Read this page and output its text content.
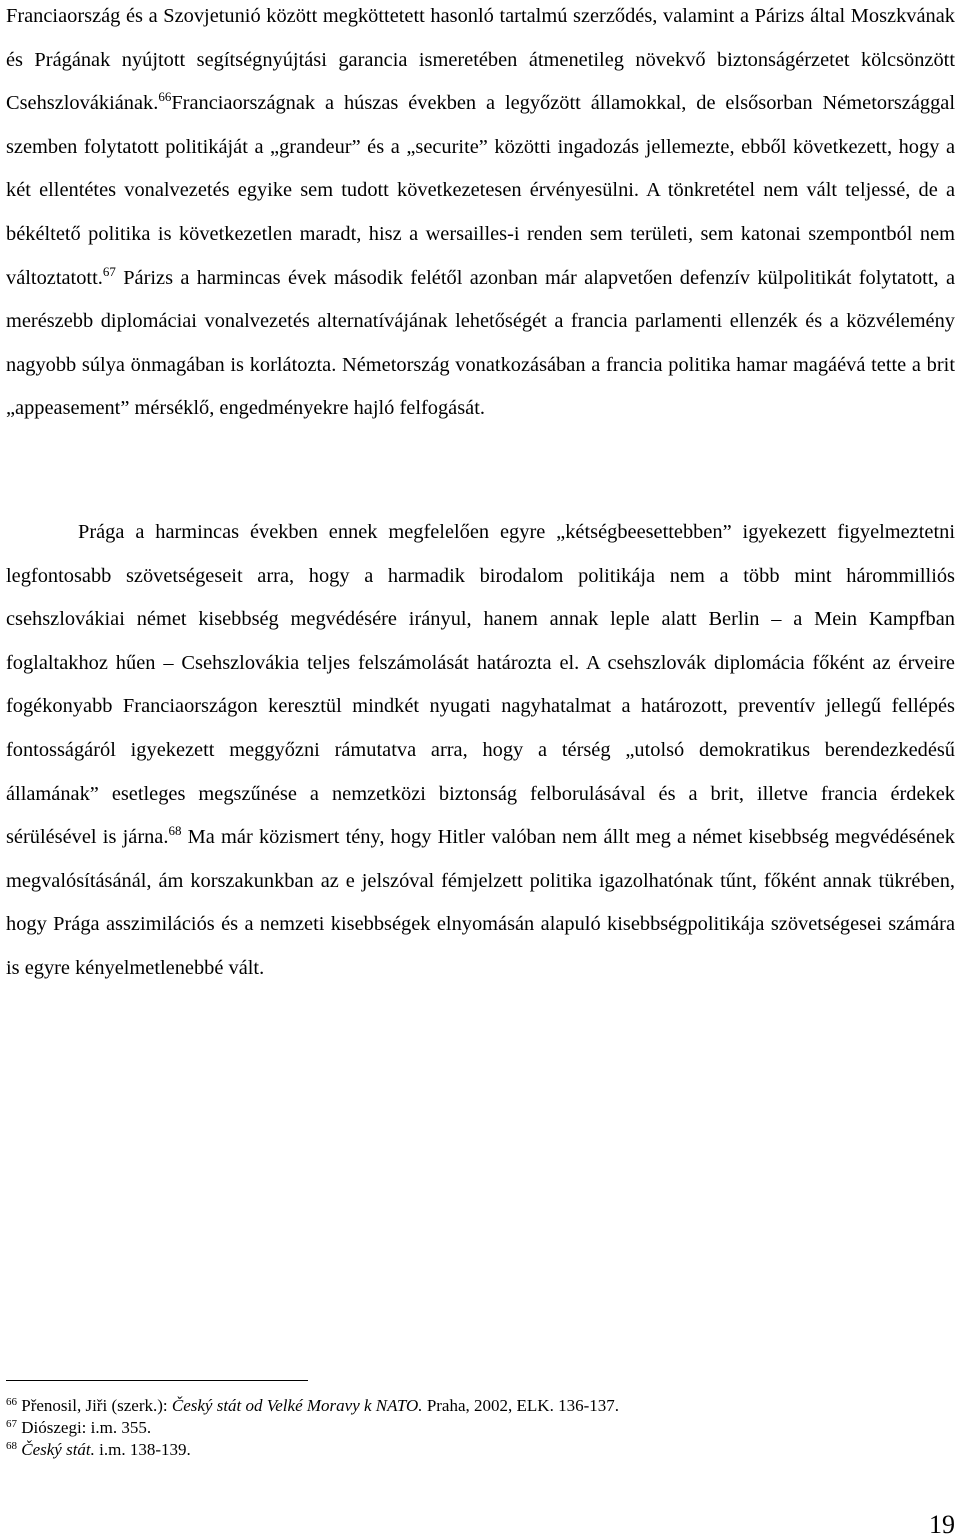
Franciaország és a Szovjetunió között megköttetett hasonló tartalmú szerződés, valamint a Párizs által Moszkvának és Prágának nyújtott segítségnyújtási garancia ismeretében átmenetileg növekvő biztonságérzetet kölcsönzött Csehszlovákiának.$^{66}$Franciaországnak a húszas években a legyőzött államokkal, de elsősorban Németországgal szemben folytatott politikáját a „grandeur” és a „securite” közötti ingadozás jellemezte, ebből következett, hogy a két ellentétes vonalvezetés egyike sem tudott következetesen érvényesülni. A tönkretétel nem vált teljessé, de a békéltető politika is következetlen maradt, hisz a wersailles-i renden sem területi, sem katonai szempontból nem változtatott.$^{67}$ Párizs a harmincas évek második felétől azonban már alapvetően defenzív külpolitikát folytatott, a merészebb diplomáciai vonalvezetés alternatívájának lehetőségét a francia parlamenti ellenzék és a közvélemény nagyobb súlya önmagában is korlátozta. Németország vonatkozásában a francia politika hamar magáévá tette a brit „appeasement” mérséklő, engedményekre hajló felfogását.

Prága a harmincas években ennek megfelelően egyre „kétségbeesettebben” igyekezett figyelmeztetni legfontosabb szövetségeseit arra, hogy a harmadik birodalom politikája nem a több mint hárommilliós csehszlovákiai német kisebbség megvédésére irányul, hanem annak leple alatt Berlin – a Mein Kampfban foglaltakhoz hűen – Csehszlovákia teljes felszámolását határozta el. A csehszlovák diplomácia főként az érveire fogékonyabb Franciaországon keresztül mindkét nyugati nagyhatalmat a határozott, preventív jellegű fellépés fontosságáról igyekezett meggyőzni rámutatva arra, hogy a térség „utolsó demokratikus berendezkedésű államának” esetleges megszűnése a nemzetközi biztonság felborulásával és a brit, illetve francia érdekek sérülésével is járna.$^{68}$ Ma már közismert tény, hogy Hitler valóban nem állt meg a német kisebbség megvédésének megvalósításánál, ám korszakunkban az e jelszóval fémjelzett politika igazolhatónak tűnt, főként annak tükrében, hogy Prága asszimilációs és a nemzeti kisebbségek elnyomásán alapuló kisebbségpolitikája szövetségesei számára is egyre kényelmetlenebbé vált.

$^{66}$ Přenosil, Jiři (szerk.): Český stát od Velké Moravy k NATO. Praha, 2002, ELK. 136-137.

$^{67}$ Diószegi: i.m. 355.

$^{68}$ Český stát. i.m. 138-139.

19
